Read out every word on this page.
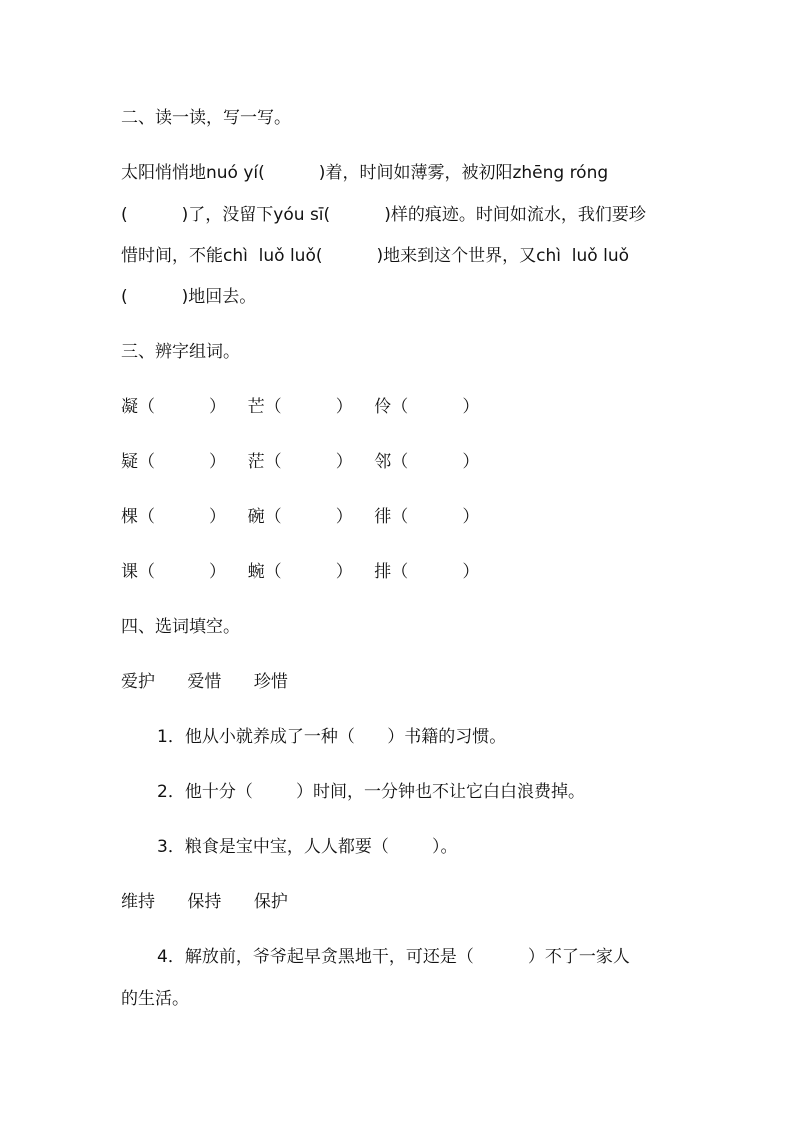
二、读一读，写一写。

太阳悄悄地nuó yí(          )着，时间如薄雾，被初阳zhēng róng

(          )了，没留下yóu sī(          )样的痕迹。时间如流水，我们要珍

惜时间，不能chì  luǒ luǒ(          )地来到这个世界，又chì  luǒ luǒ

(          )地回去。

三、辨字组词。

凝（          ）    芒（          ）    伶（          ）

疑（          ）    茫（          ）    邻（          ）

棵（          ）    碗（          ）    徘（          ）

课（          ）    蜿（          ）    排（          ）

四、选词填空。

爱护      爱惜      珍惜

1．他从小就养成了一种（      ）书籍的习惯。

2．他十分（        ）时间，一分钟也不让它白白浪费掉。

3．粮食是宝中宝，人人都要（        ）。

维持      保持      保护

4．解放前，爷爷起早贪黑地干，可还是（          ）不了一家人

的生活。
